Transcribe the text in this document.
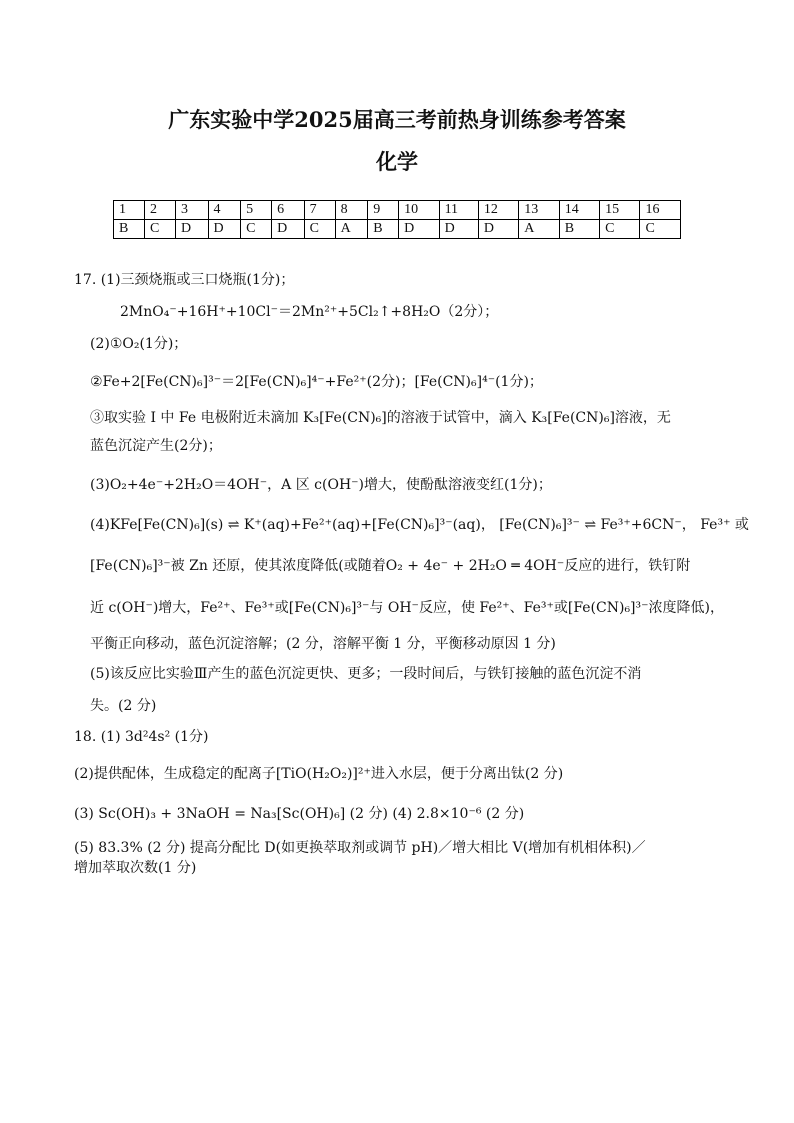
广东实验中学2025届高三考前热身训练参考答案
化学
1	2	3	4	5	6	7	8	9	10	11	12	13	14	15	16
B	C	D	D	C	D	C	A	B	D	D	D	A	B	C	C
17. (1)三颈烧瓶或三口烧瓶(1分)；
2MnO₄⁻+16H⁺+10Cl⁻＝2Mn²⁺+5Cl₂↑+8H₂O（2分）；
(2)①O₂(1分)；
②Fe+2[Fe(CN)₆]³⁻＝2[Fe(CN)₆]⁴⁻+Fe²⁺(2分)；[Fe(CN)₆]⁴⁻(1分)；
③取实验 I 中 Fe 电极附近未滴加 K₃[Fe(CN)₆]的溶液于试管中，滴入 K₃[Fe(CN)₆]溶液，无
蓝色沉淀产生(2分)；
(3)O₂+4e⁻+2H₂O＝4OH⁻，A 区 c(OH⁻)增大，使酚酞溶液变红(1分)；
(4)KFe[Fe(CN)₆](s) ⇌ K⁺(aq)+Fe²⁺(aq)+[Fe(CN)₆]³⁻(aq)， [Fe(CN)₆]³⁻ ⇌ Fe³⁺+6CN⁻， Fe³⁺ 或
[Fe(CN)₆]³⁻被 Zn 还原，使其浓度降低(或随着O₂ + 4e⁻ + 2H₂O ═ 4OH⁻反应的进行，铁钉附
近 c(OH⁻)增大，Fe²⁺、Fe³⁺或[Fe(CN)₆]³⁻与 OH⁻反应，使 Fe²⁺、Fe³⁺或[Fe(CN)₆]³⁻浓度降低)，
平衡正向移动，蓝色沉淀溶解；(2 分，溶解平衡 1 分，平衡移动原因 1 分)
(5)该反应比实验Ⅲ产生的蓝色沉淀更快、更多；一段时间后，与铁钉接触的蓝色沉淀不消
失。(2 分)
18. (1) 3d²4s² (1分)
(2)提供配体，生成稳定的配离子[TiO(H₂O₂)]²⁺进入水层，便于分离出钛(2 分)
(3) Sc(OH)₃ + 3NaOH = Na₃[Sc(OH)₆] (2 分) (4) 2.8×10⁻⁶ (2 分)
(5) 83.3% (2 分) 提高分配比 D(如更换萃取剂或调节 pH)／增大相比 V(增加有机相体积)／
增加萃取次数(1 分)
